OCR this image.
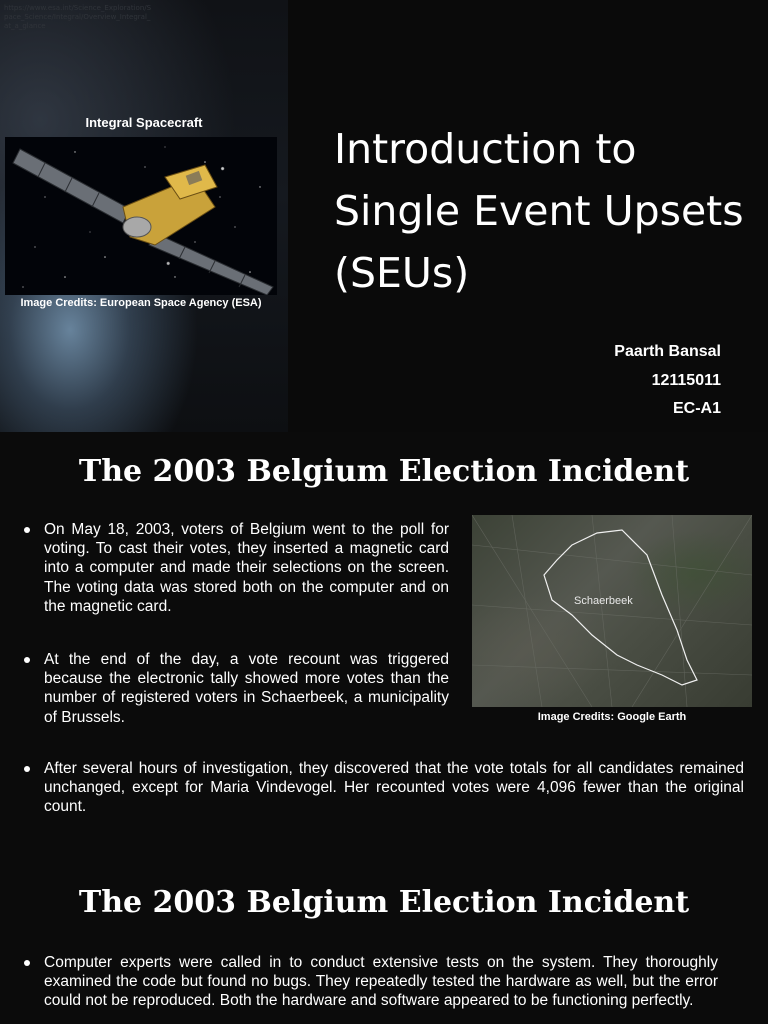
https://www.esa.int/Science_Exploration/Space_Science/Integral/Overview_Integral_at_a_glance
Integral Spacecraft
Image Credits: European Space Agency (ESA)
Introduction to Single Event Upsets (SEUs)
Paarth Bansal
12115011
EC-A1
The 2003 Belgium Election Incident
On May 18, 2003, voters of Belgium went to the poll for voting. To cast their votes, they inserted a magnetic card into a computer and made their selections on the screen. The voting data was stored both on the computer and on the magnetic card.
At the end of the day, a vote recount was triggered because the electronic tally showed more votes than the number of registered voters in Schaerbeek, a municipality of Brussels.
Schaerbeek
Image Credits: Google Earth
After several hours of investigation, they discovered that the vote totals for all candidates remained unchanged, except for Maria Vindevogel. Her recounted votes were 4,096 fewer than the original count.
The 2003 Belgium Election Incident
Computer experts were called in to conduct extensive tests on the system. They thoroughly examined the code but found no bugs. They repeatedly tested the hardware as well, but the error could not be reproduced. Both the hardware and software appeared to be functioning perfectly.
